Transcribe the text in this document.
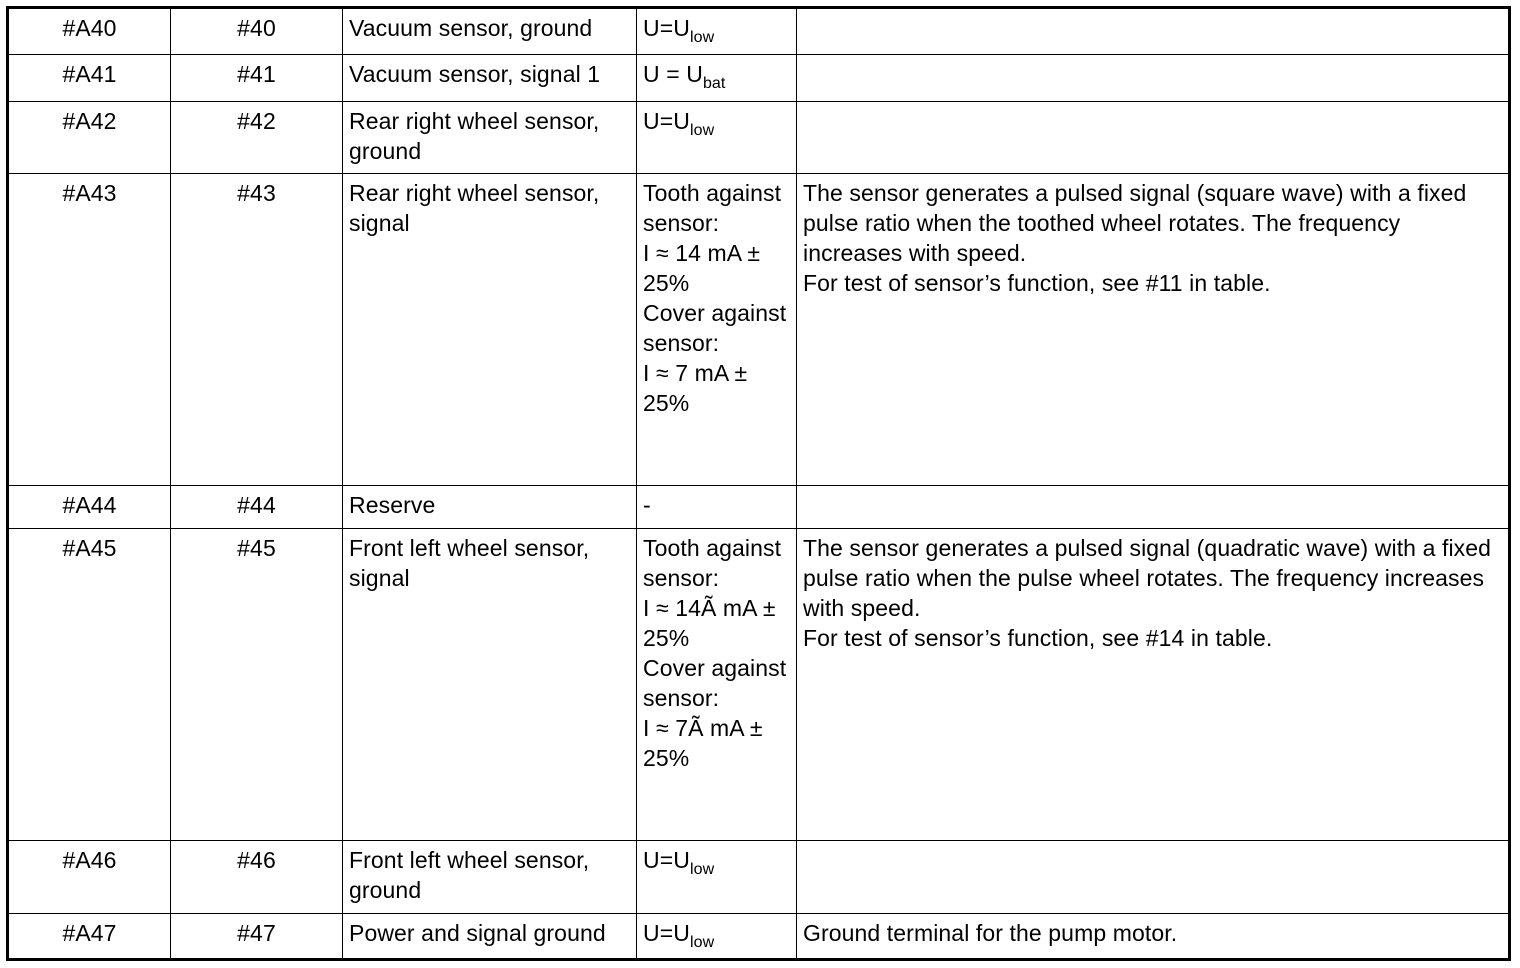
#A40	#40	Vacuum sensor, ground	$U=U_{low}$	
#A41	#41	Vacuum sensor, signal 1	$U = U_{bat}$	
#A42	#42	Rear right wheel sensor, ground	$U=U_{low}$	
#A43	#43	Rear right wheel sensor, signal	Tooth against sensor:
I ≈ 14 mA ± 25%
Cover against sensor:
I ≈ 7 mA ± 25%	The sensor generates a pulsed signal (square wave) with a fixed pulse ratio when the toothed wheel rotates. The frequency increases with speed.
For test of sensor’s function, see #11 in table.
#A44	#44	Reserve	-	
#A45	#45	Front left wheel sensor, signal	Tooth against sensor:
I ≈ 14Ã mA ± 25%
Cover against sensor:
I ≈ 7Ã mA ± 25%	The sensor generates a pulsed signal (quadratic wave) with a fixed pulse ratio when the pulse wheel rotates. The frequency increases with speed.
For test of sensor’s function, see #14 in table.
#A46	#46	Front left wheel sensor, ground	$U=U_{low}$	
#A47	#47	Power and signal ground	$U=U_{low}$	Ground terminal for the pump motor.
